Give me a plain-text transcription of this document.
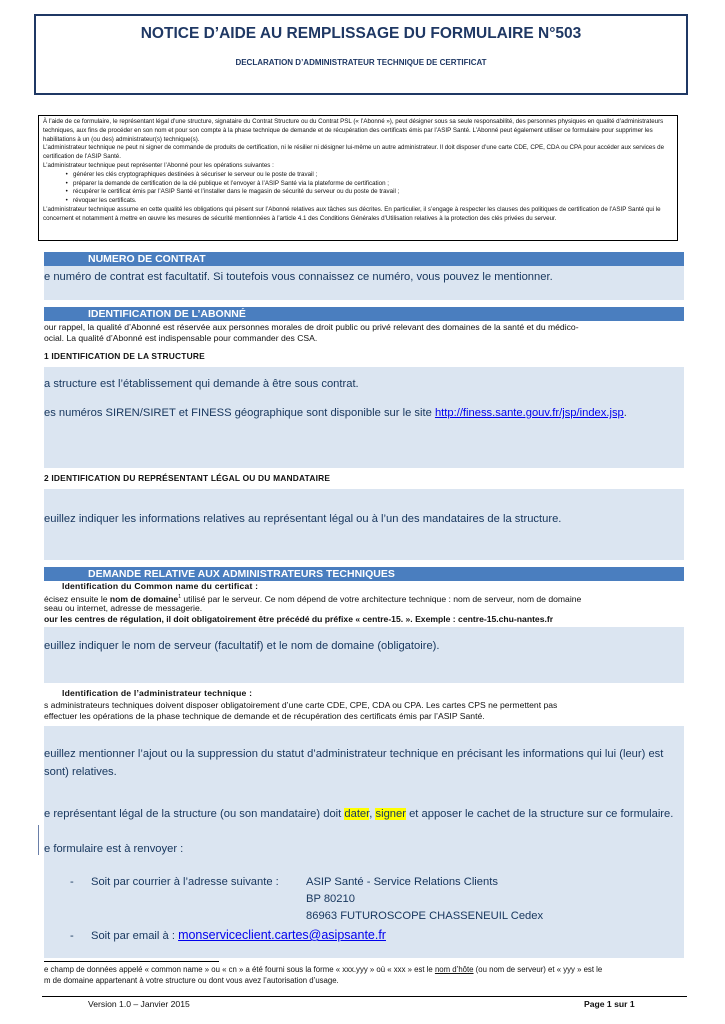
NOTICE D’AIDE AU REMPLISSAGE DU FORMULAIRE N°503
DECLARATION D’ADMINISTRATEUR TECHNIQUE DE CERTIFICAT

À l’aide de ce formulaire, le représentant légal d’une structure, signataire du Contrat Structure ou du Contrat PSL (« l’Abonné »), peut désigner sous sa seule responsabilité, des personnes physiques en qualité d’administrateurs techniques, aux fins de procéder en son nom et pour son compte à la phase technique de demande et de récupération des certificats émis par l’ASIP Santé. L’Abonné peut également utiliser ce formulaire pour supprimer les habilitations à un (ou des) administrateur(s) technique(s).

L’administrateur technique ne peut ni signer de commande de produits de certification, ni le résilier ni désigner lui-même un autre administrateur. Il doit disposer d’une carte CDE, CPE, CDA ou CPA pour accéder aux services de certification de l’ASIP Santé.

L’administrateur technique peut représenter l’Abonné pour les opérations suivantes :

• générer les clés cryptographiques destinées à sécuriser le serveur ou le poste de travail ;
• préparer la demande de certification de la clé publique et l’envoyer à l’ASIP Santé via la plateforme de certification ;
• récupérer le certificat émis par l’ASIP Santé et l’installer dans le magasin de sécurité du serveur ou du poste de travail ;
• révoquer les certificats.

L’administrateur technique assume en cette qualité les obligations qui pèsent sur l’Abonné relatives aux tâches sus décrites. En particulier, il s’engage à respecter les clauses des politiques de certification de l’ASIP Santé qui le concernent et notamment à mettre en œuvre les mesures de sécurité mentionnées à l’article 4.1 des Conditions Générales d’Utilisation relatives à la protection des clés privées du serveur.

NUMERO DE CONTRAT
e numéro de contrat est facultatif. Si toutefois vous connaissez ce numéro, vous pouvez le mentionner.
IDENTIFICATION DE L’ABONNÉ
our rappel, la qualité d’Abonné est réservée aux personnes morales de droit public ou privé relevant des domaines de la santé et du médico-
ocial. La qualité d’Abonné est indispensable pour commander des CSA.
1 IDENTIFICATION DE LA STRUCTURE
a structure est l’établissement qui demande à être sous contrat.
es numéros SIREN/SIRET et FINESS géographique sont disponible sur le site http://finess.sante.gouv.fr/jsp/index.jsp.
2 IDENTIFICATION DU REPRÉSENTANT LÉGAL OU DU MANDATAIRE
euillez indiquer les informations relatives au représentant légal ou à l’un des mandataires de la structure.
DEMANDE RELATIVE AUX ADMINISTRATEURS TECHNIQUES
Identification du Common name du certificat :
écisez ensuite le nom de domaine$^1$ utilisé par le serveur. Ce nom dépend de votre architecture technique : nom de serveur, nom de domaine
seau ou internet, adresse de messagerie.
our les centres de régulation, il doit obligatoirement être précédé du préfixe « centre-15. ». Exemple : centre-15.chu-nantes.fr
euillez indiquer le nom de serveur (facultatif) et le nom de domaine (obligatoire).
Identification de l’administrateur technique :
s administrateurs techniques doivent disposer obligatoirement d’une carte CDE, CPE, CDA ou CPA. Les cartes CPS ne permettent pas
effectuer les opérations de la phase technique de demande et de récupération des certificats émis par l’ASIP Santé.
euillez mentionner l’ajout ou la suppression du statut d’administrateur technique en précisant les informations qui lui (leur) est
sont) relatives.
e représentant légal de la structure (ou son mandataire) doit dater, signer et apposer le cachet de la structure sur ce formulaire.
e formulaire est à renvoyer :
- Soit par courrier à l’adresse suivante : ASIP Santé - Service Relations Clients
BP 80210
86963 FUTUROSCOPE CHASSENEUIL Cedex
- Soit par email à : monserviceclient.cartes@asipsante.fr
e champ de données appelé « common name » ou « cn » a été fourni sous la forme « xxx.yyy » où « xxx » est le nom d’hôte (ou nom de serveur) et « yyy » est le
m de domaine appartenant à votre structure ou dont vous avez l’autorisation d’usage.
Version 1.0 – Janvier 2015	Page 1 sur 1
